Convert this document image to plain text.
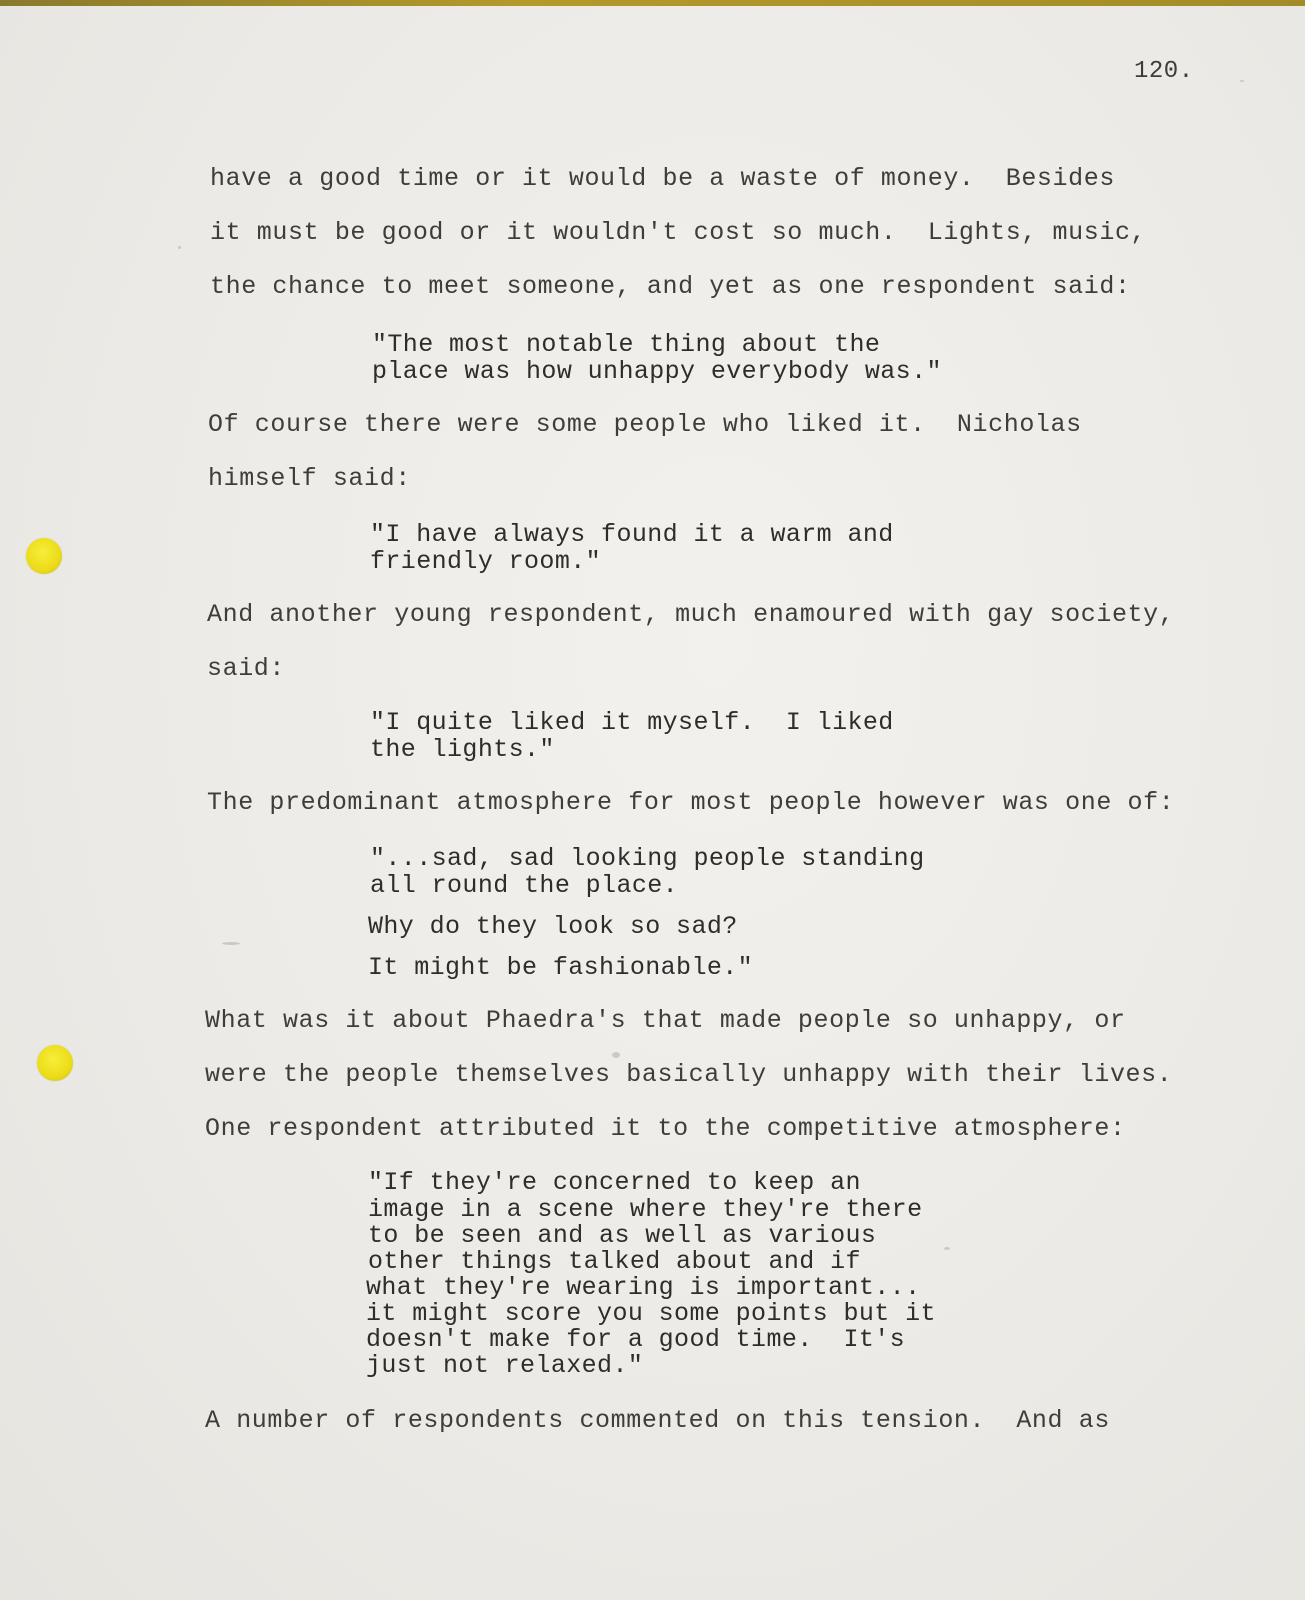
120.
have a good time or it would be a waste of money.  Besides
it must be good or it wouldn't cost so much.  Lights, music,
the chance to meet someone, and yet as one respondent said:
"The most notable thing about the
place was how unhappy everybody was."
Of course there were some people who liked it.  Nicholas
himself said:
"I have always found it a warm and
friendly room."
And another young respondent, much enamoured with gay society,
said:
"I quite liked it myself.  I liked
the lights."
The predominant atmosphere for most people however was one of:
"...sad, sad looking people standing
all round the place.
Why do they look so sad?
It might be fashionable."
What was it about Phaedra's that made people so unhappy, or
were the people themselves basically unhappy with their lives.
One respondent attributed it to the competitive atmosphere:
"If they're concerned to keep an
image in a scene where they're there
to be seen and as well as various
other things talked about and if
what they're wearing is important...
it might score you some points but it
doesn't make for a good time.  It's
just not relaxed."
A number of respondents commented on this tension.  And as
